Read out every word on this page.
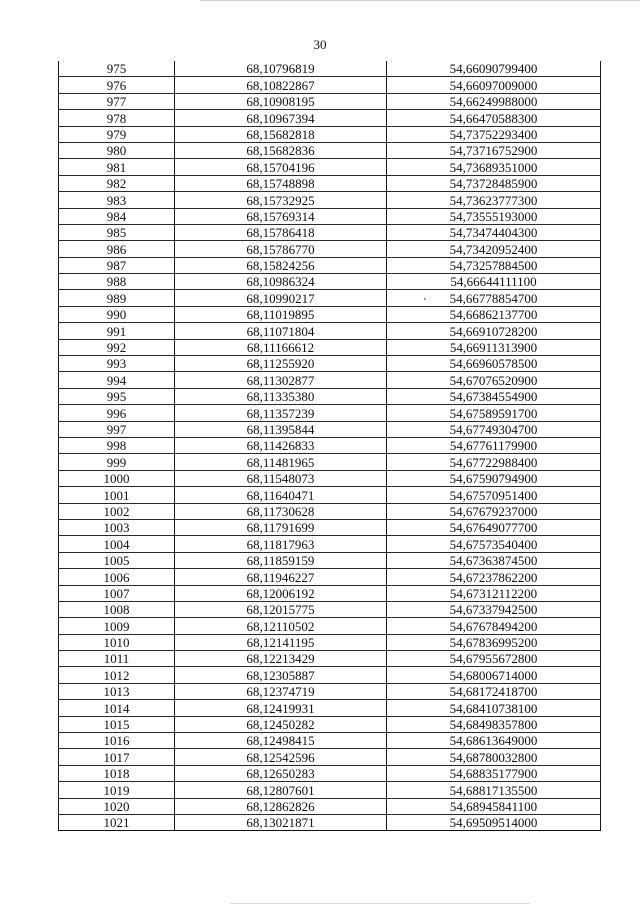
30
975	68,10796819	54,66090799400
976	68,10822867	54,66097009000
977	68,10908195	54,66249988000
978	68,10967394	54,66470588300
979	68,15682818	54,73752293400
980	68,15682836	54,73716752900
981	68,15704196	54,73689351000
982	68,15748898	54,73728485900
983	68,15732925	54,73623777300
984	68,15769314	54,73555193000
985	68,15786418	54,73474404300
986	68,15786770	54,73420952400
987	68,15824256	54,73257884500
988	68,10986324	54,66644111100
989	68,10990217	54,66778854700
990	68,11019895	54,66862137700
991	68,11071804	54,66910728200
992	68,11166612	54,66911313900
993	68,11255920	54,66960578500
994	68,11302877	54,67076520900
995	68,11335380	54,67384554900
996	68,11357239	54,67589591700
997	68,11395844	54,67749304700
998	68,11426833	54,67761179900
999	68,11481965	54,67722988400
1000	68,11548073	54,67590794900
1001	68,11640471	54,67570951400
1002	68,11730628	54,67679237000
1003	68,11791699	54,67649077700
1004	68,11817963	54,67573540400
1005	68,11859159	54,67363874500
1006	68,11946227	54,67237862200
1007	68,12006192	54,67312112200
1008	68,12015775	54,67337942500
1009	68,12110502	54,67678494200
1010	68,12141195	54,67836995200
1011	68,12213429	54,67955672800
1012	68,12305887	54,68006714000
1013	68,12374719	54,68172418700
1014	68,12419931	54,68410738100
1015	68,12450282	54,68498357800
1016	68,12498415	54,68613649000
1017	68,12542596	54,68780032800
1018	68,12650283	54,68835177900
1019	68,12807601	54,68817135500
1020	68,12862826	54,68945841100
1021	68,13021871	54,69509514000
